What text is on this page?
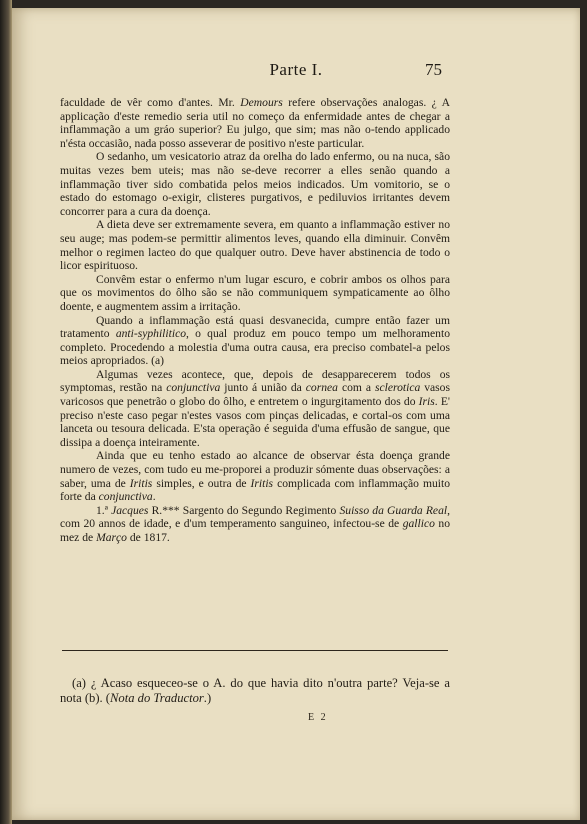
Parte I.	75

faculdade de vêr como d'antes. Mr. Demours refere observações analogas. ¿ A applicação d'este remedio seria util no começo da enfermidade antes de chegar a inflammação a um gráo superior? Eu julgo, que sim; mas não o-tendo applicado n'ésta occasião, nada posso asseverar de positivo n'este particular.

O sedanho, um vesicatorio atraz da orelha do lado enfermo, ou na nuca, são muitas vezes bem uteis; mas não se-deve recorrer a elles senão quando a inflammação tiver sido combatida pelos meios indicados. Um vomitorio, se o estado do estomago o-exigir, clisteres purgativos, e pediluvios irritantes devem concorrer para a cura da doença.

A dieta deve ser extremamente severa, em quanto a inflammação estiver no seu auge; mas podem-se permittir alimentos leves, quando ella diminuir. Convêm melhor o regimen lacteo do que qualquer outro. Deve haver abstinencia de todo o licor espirituoso.

Convêm estar o enfermo n'um lugar escuro, e cobrir ambos os olhos para que os movimentos do ôlho são se não communiquem sympaticamente ao ôlho doente, e augmentem assim a irritação.

Quando a inflammação está quasi desvanecida, cumpre então fazer um tratamento anti-syphilitico, o qual produz em pouco tempo um melhoramento completo. Procedendo a molestia d'uma outra causa, era preciso combatel-a pelos meios apropriados. (a)

Algumas vezes acontece, que, depois de desapparecerem todos os symptomas, restão na conjunctiva junto á união da cornea com a sclerotica vasos varicosos que penetrão o globo do ôlho, e entretem o ingurgitamento dos do Iris. E' preciso n'este caso pegar n'estes vasos com pinças delicadas, e cortal-os com uma lanceta ou tesoura delicada. E'sta operação é seguida d'uma effusão de sangue, que dissipa a doença inteiramente.

Ainda que eu tenho estado ao alcance de observar ésta doença grande numero de vezes, com tudo eu me-proporei a produzir sómente duas observações: a saber, uma de Iritis simples, e outra de Iritis complicada com inflammação muito forte da conjunctiva.

1.ª Jacques R.*** Sargento do Segundo Regimento Suisso da Guarda Real, com 20 annos de idade, e d'um temperamento sanguineo, infectou-se de gallico no mez de Março de 1817.

(a) ¿ Acaso esqueceo-se o A. do que havia dito n'outra parte? Veja-se a nota (b). (Nota do Traductor.)

E 2
